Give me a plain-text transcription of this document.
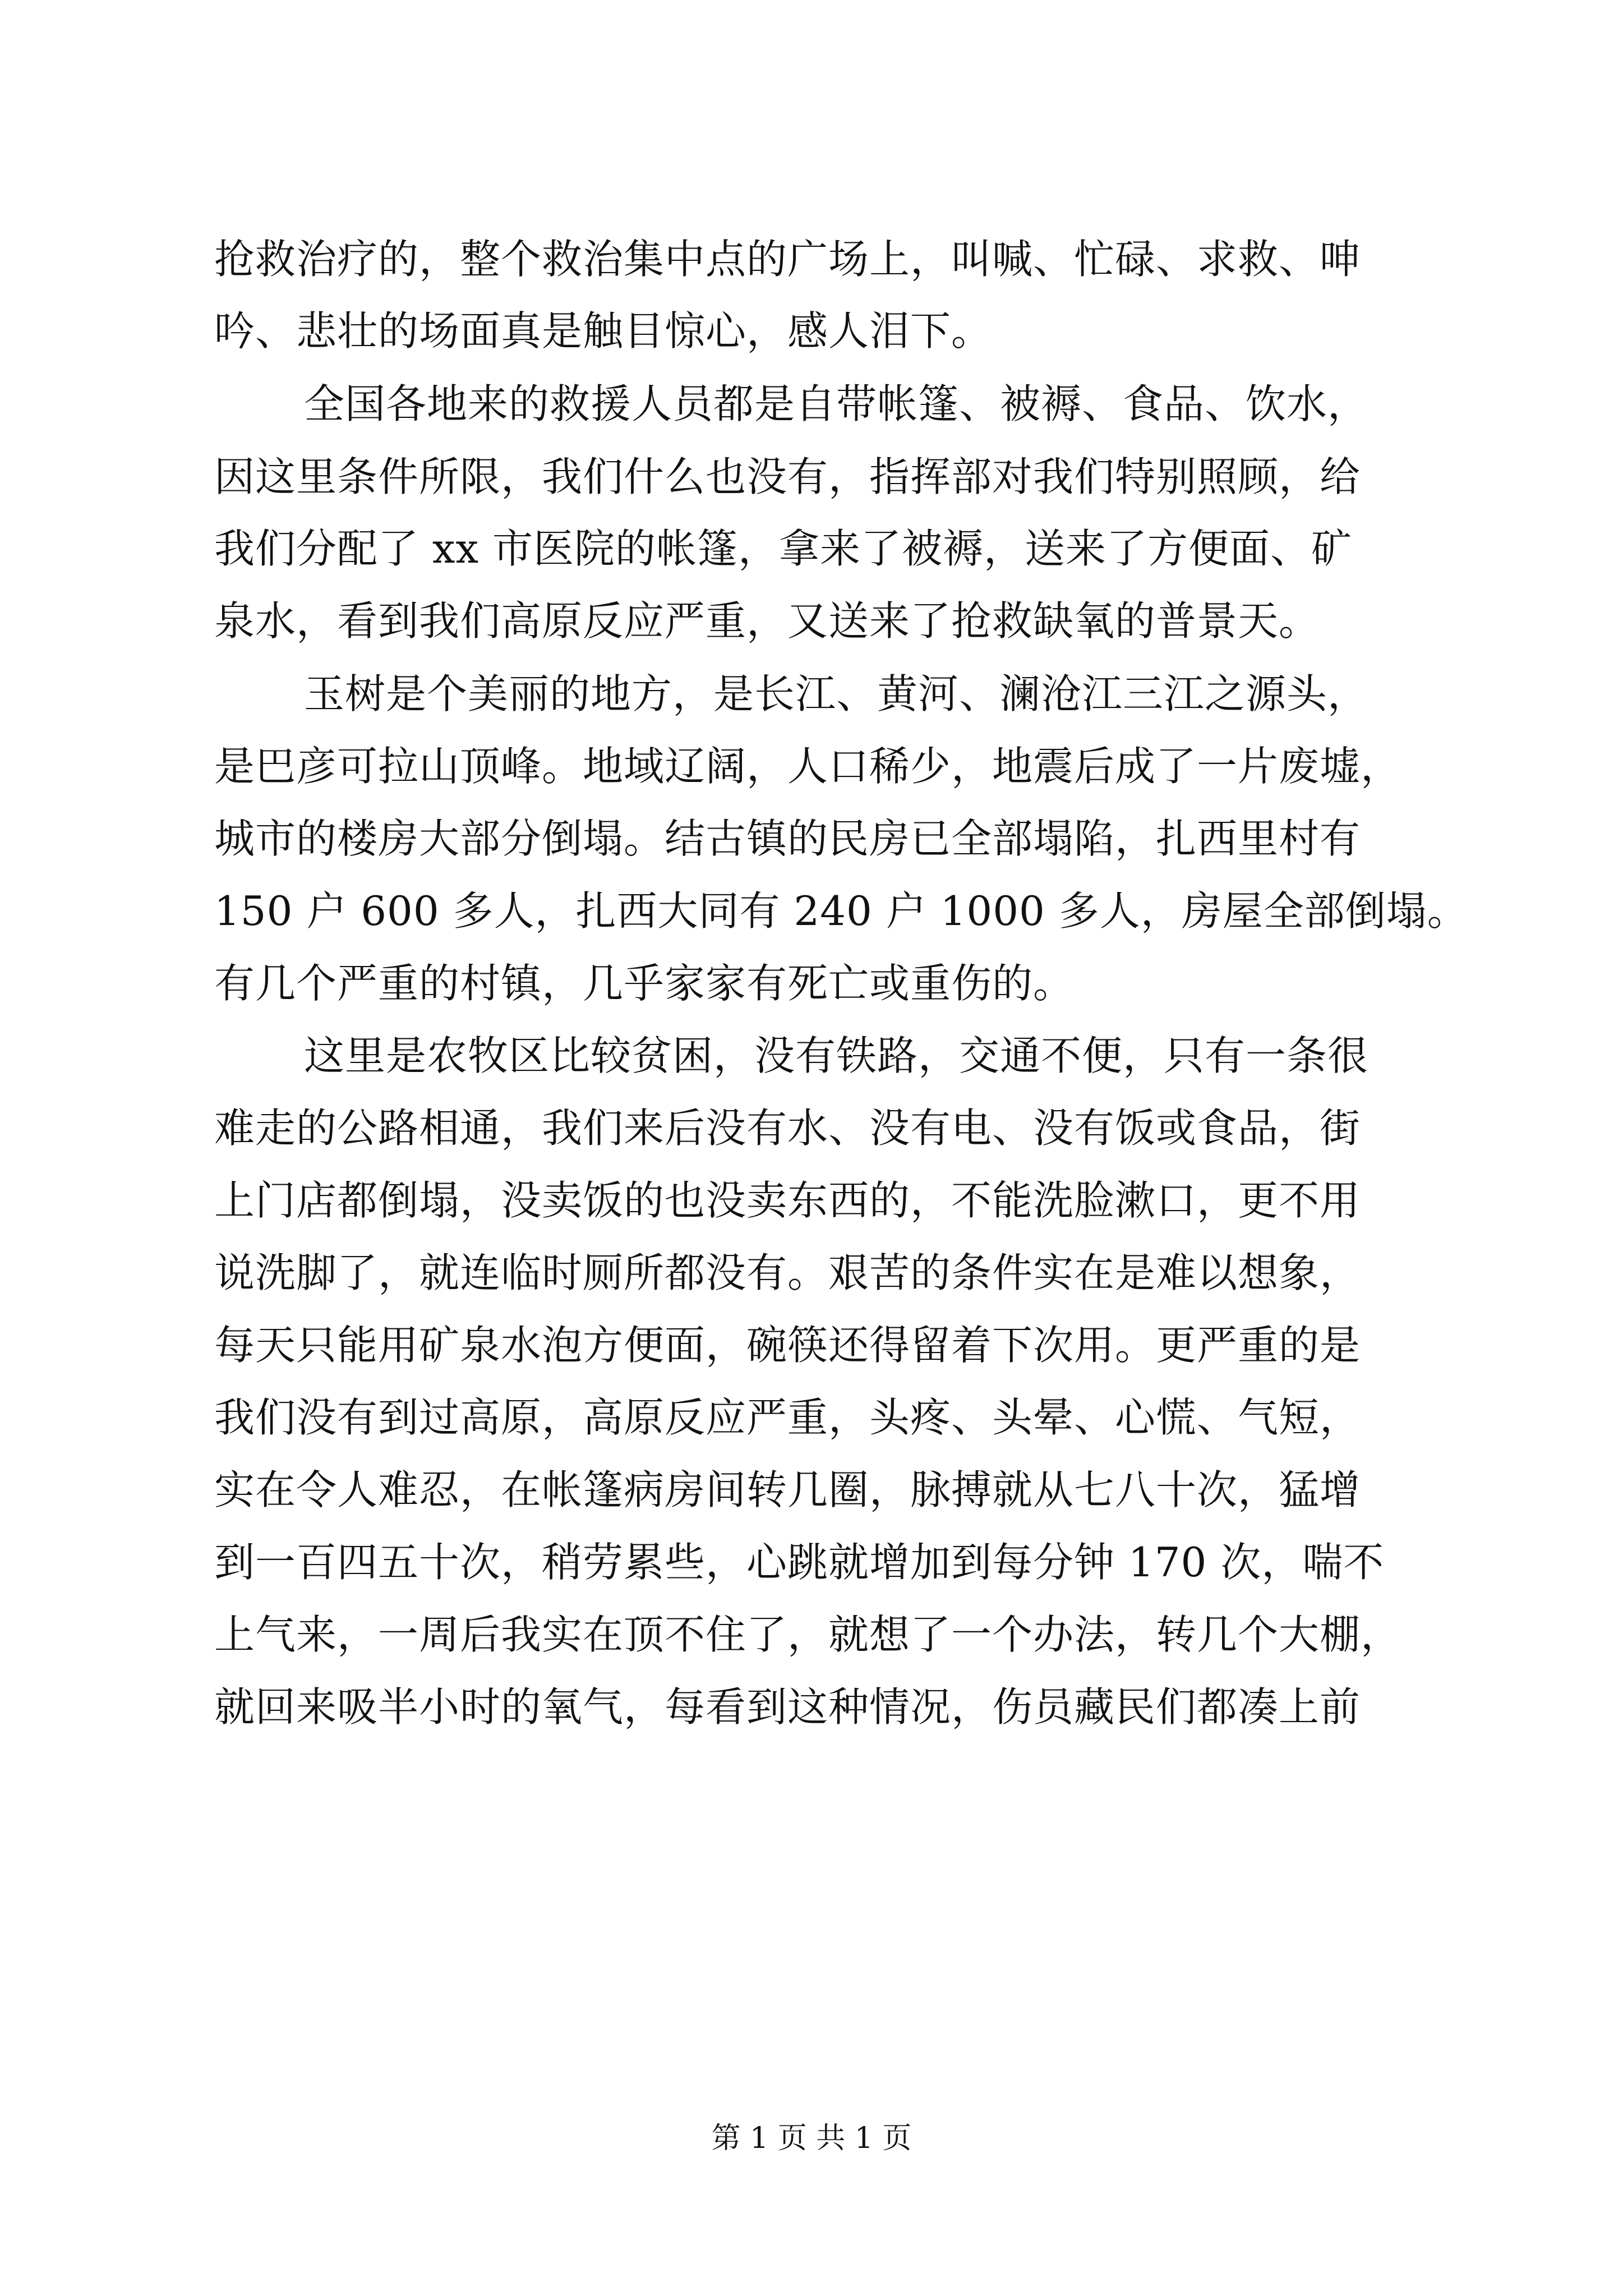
抢救治疗的，整个救治集中点的广场上，叫喊、忙碌、求救、呻
吟、悲壮的场面真是触目惊心，感人泪下。
全国各地来的救援人员都是自带帐篷、被褥、食品、饮水，
因这里条件所限，我们什么也没有，指挥部对我们特别照顾，给
我们分配了 xx 市医院的帐篷，拿来了被褥，送来了方便面、矿
泉水，看到我们高原反应严重，又送来了抢救缺氧的普景天。
玉树是个美丽的地方，是长江、黄河、澜沧江三江之源头，
是巴彦可拉山顶峰。地域辽阔，人口稀少，地震后成了一片废墟，
城市的楼房大部分倒塌。结古镇的民房已全部塌陷，扎西里村有
150 户 600 多人，扎西大同有 240 户 1000 多人，房屋全部倒塌。
有几个严重的村镇，几乎家家有死亡或重伤的。
这里是农牧区比较贫困，没有铁路，交通不便，只有一条很
难走的公路相通，我们来后没有水、没有电、没有饭或食品，街
上门店都倒塌，没卖饭的也没卖东西的，不能洗脸漱口，更不用
说洗脚了，就连临时厕所都没有。艰苦的条件实在是难以想象，
每天只能用矿泉水泡方便面，碗筷还得留着下次用。更严重的是
我们没有到过高原，高原反应严重，头疼、头晕、心慌、气短，
实在令人难忍，在帐篷病房间转几圈，脉搏就从七八十次，猛增
到一百四五十次，稍劳累些，心跳就增加到每分钟 170 次，喘不
上气来，一周后我实在顶不住了，就想了一个办法，转几个大棚，
就回来吸半小时的氧气，每看到这种情况，伤员藏民们都凑上前
第 1 页 共 1 页
